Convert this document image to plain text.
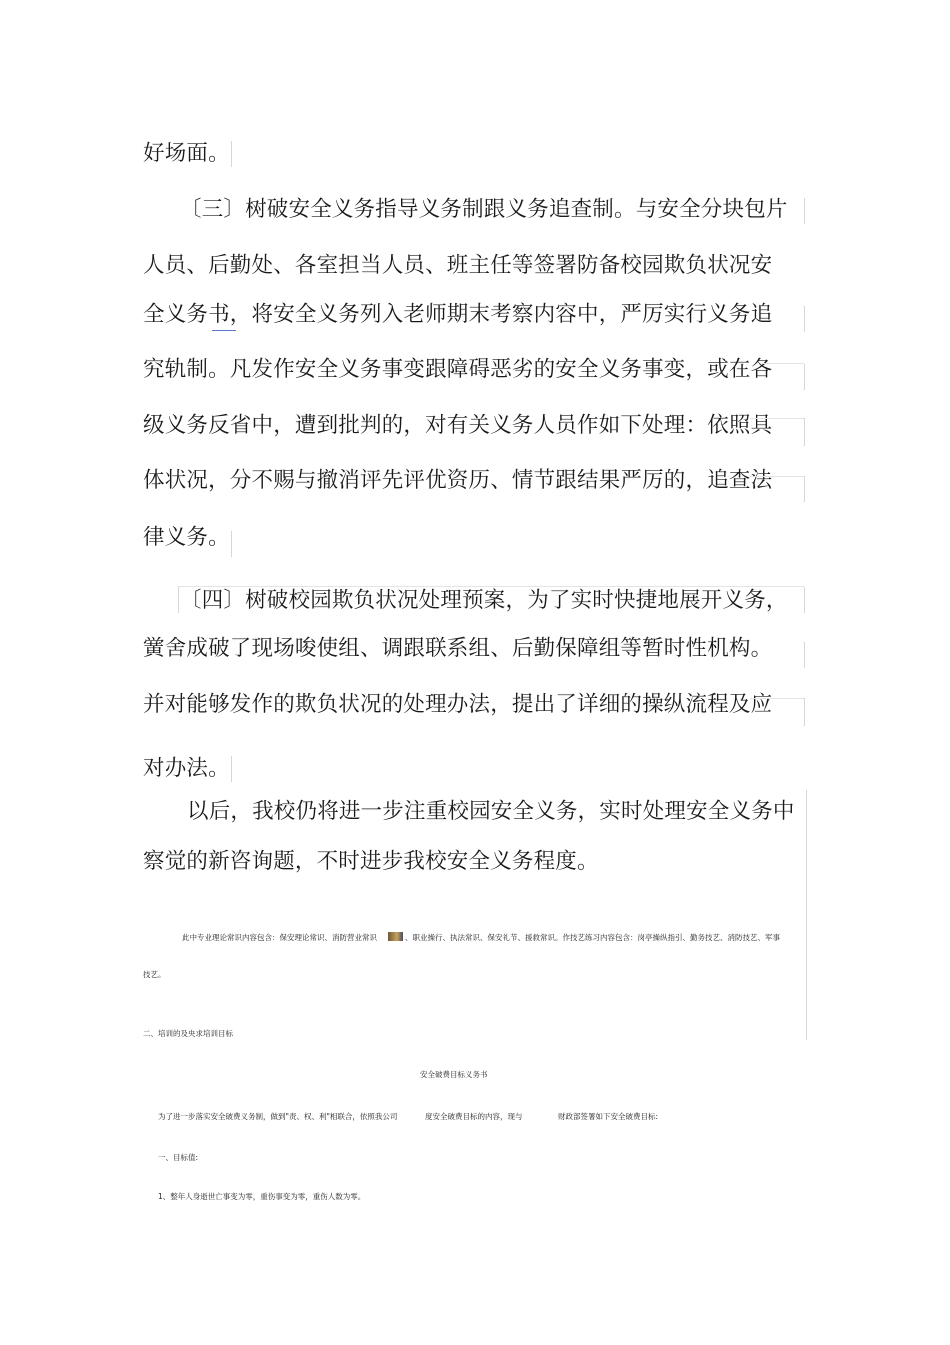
好场面。
〔三〕树破安全义务指导义务制跟义务追查制。与安全分块包片
人员、后勤处、各室担当人员、班主任等签署防备校园欺负状况安
全义务书，将安全义务列入老师期末考察内容中，严厉实行义务追
究轨制。凡发作安全义务事变跟障碍恶劣的安全义务事变，或在各
级义务反省中，遭到批判的，对有关义务人员作如下处理：依照具
体状况，分不赐与撤消评先评优资历、情节跟结果严厉的，追查法
律义务。
〔四〕树破校园欺负状况处理预案，为了实时快捷地展开义务，
黉舍成破了现场唆使组、调跟联系组、后勤保障组等暂时性机构。
并对能够发作的欺负状况的处理办法，提出了详细的操纵流程及应
对办法。
以后，我校仍将进一步注重校园安全义务，实时处理安全义务中
察觉的新咨询题，不时进步我校安全义务程度。
此中专业理论常识内容包含：保安理论常识、消防营业常识	、职业操行、执法常识、保安礼节、援救常识。作技艺练习内容包含：岗亭操纵指引、勤务技艺、消防技艺、军事
技艺。
二、培训的及央求培训目标
安全破费目标义务书
为了进一步落实安全破费义务制，做到"责、权、利"相联合，依照我公司	度安全破费目标的内容，现与	财政部签署如下安全破费目标:
一、目标值:
1、整年人身逝世亡事变为零，重伤事变为零，重伤人数为零。
